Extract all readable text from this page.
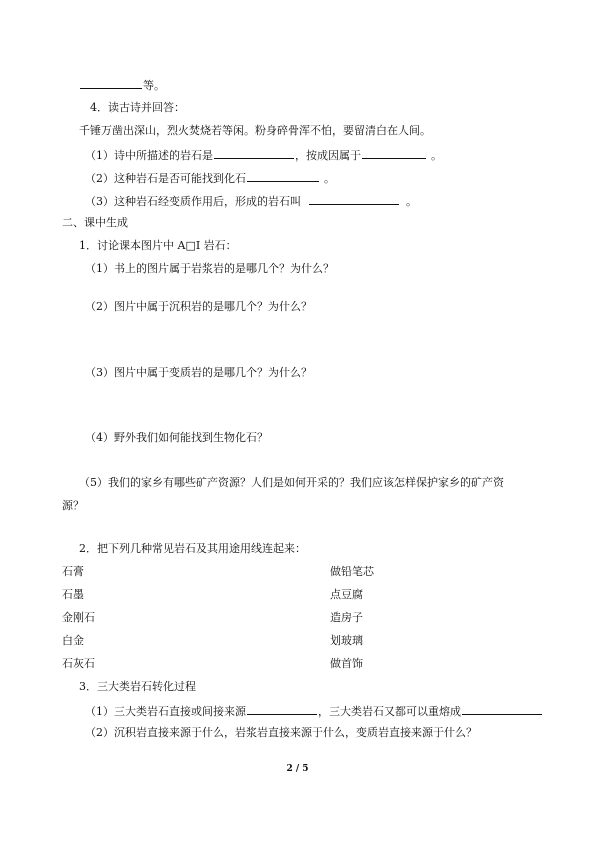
等。
4．读古诗并回答：
千锤万凿出深山，烈火焚烧若等闲。粉身碎骨浑不怕，要留清白在人间。
（1）诗中所描述的岩石是	，按成因属于	。
（2）这种岩石是否可能找到化石	。
（3）这种岩石经变质作用后，形成的岩石叫	。
二、课中生成
1．讨论课本图片中 A□I 岩石：
（1）书上的图片属于岩浆岩的是哪几个？为什么？
（2）图片中属于沉积岩的是哪几个？为什么？
（3）图片中属于变质岩的是哪几个？为什么？
（4）野外我们如何能找到生物化石？
（5）我们的家乡有哪些矿产资源？人们是如何开采的？我们应该怎样保护家乡的矿产资
源？
2．把下列几种常见岩石及其用途用线连起来：
石膏	做铅笔芯
石墨	点豆腐
金刚石	造房子
白金	划玻璃
石灰石	做首饰
3．三大类岩石转化过程
（1）三大类岩石直接或间接来源	，三大类岩石又都可以重熔成
（2）沉积岩直接来源于什么，岩浆岩直接来源于什么，变质岩直接来源于什么？
2 / 5
